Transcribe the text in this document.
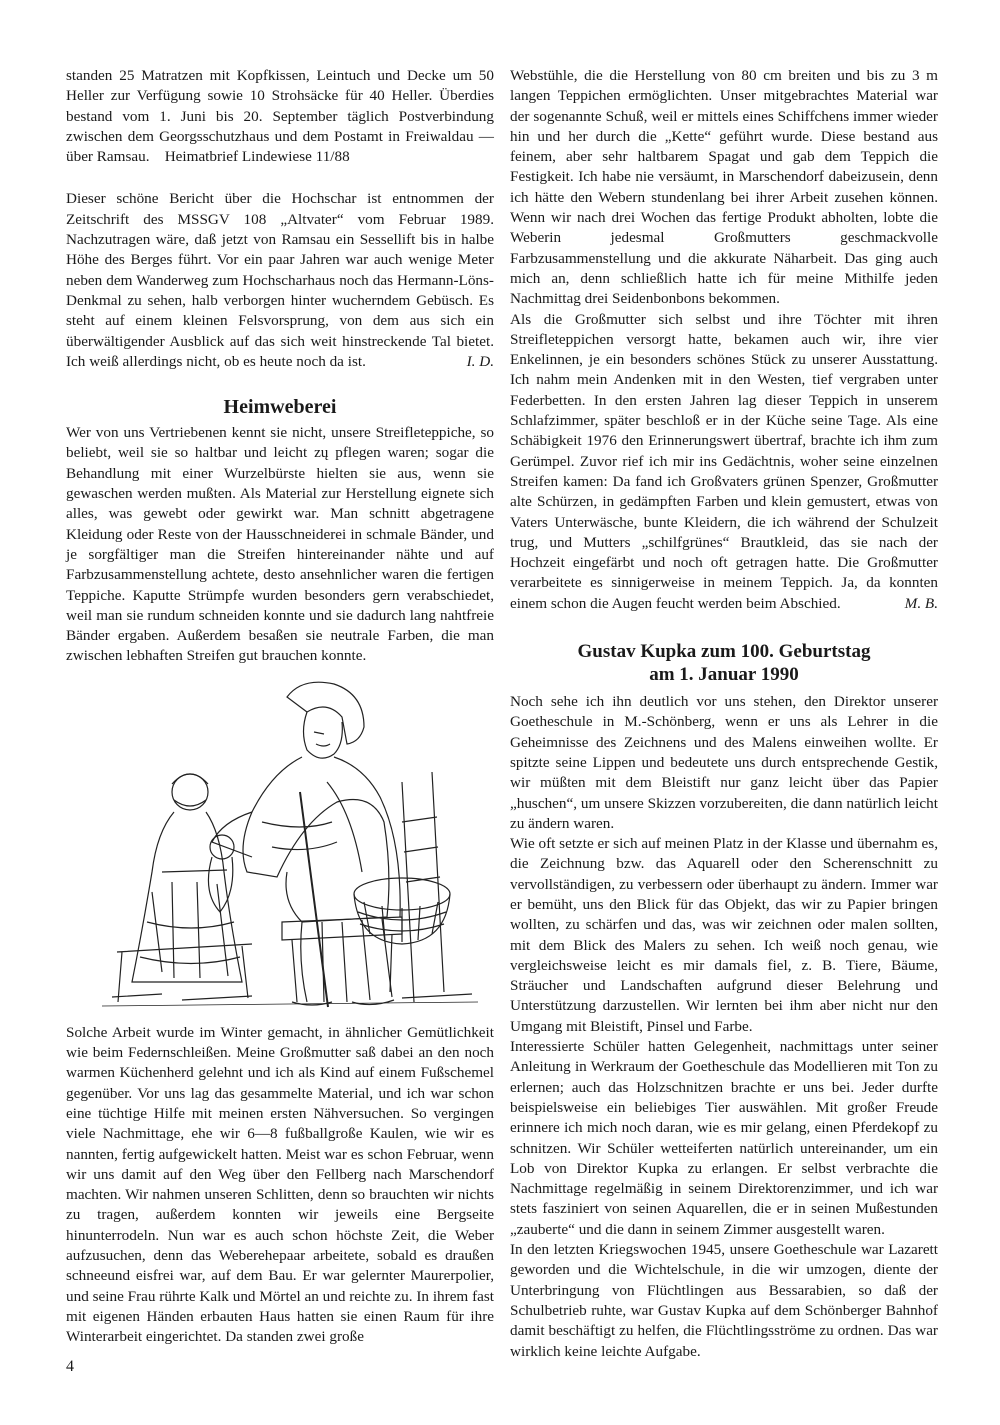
standen 25 Matratzen mit Kopfkissen, Leintuch und Decke um 50 Heller zur Verfügung sowie 10 Strohsäcke für 40 Heller. Überdies bestand vom 1. Juni bis 20. September täglich Postverbindung zwischen dem Georgsschutzhaus und dem Postamt in Freiwaldau — über Ramsau. Heimatbrief Lindewiese 11/88

Dieser schöne Bericht über die Hochschar ist entnommen der Zeitschrift des MSSGV 108 „Altvater“ vom Februar 1989. Nachzutragen wäre, daß jetzt von Ramsau ein Sessellift bis in halbe Höhe des Berges führt. Vor ein paar Jahren war auch wenige Meter neben dem Wanderweg zum Hochscharhaus noch das Hermann-Löns-Denkmal zu sehen, halb verborgen hinter wucherndem Gebüsch. Es steht auf einem kleinen Felsvorsprung, von dem aus sich ein überwältigender Ausblick auf das sich weit hinstreckende Tal bietet. Ich weiß allerdings nicht, ob es heute noch da ist.	I. D.

Heimweberei

Wer von uns Vertriebenen kennt sie nicht, unsere Streifleteppiche, so beliebt, weil sie so haltbar und leicht zų pflegen waren; sogar die Behandlung mit einer Wurzelbürste hielten sie aus, wenn sie gewaschen werden mußten. Als Material zur Herstellung eignete sich alles, was gewebt oder gewirkt war. Man schnitt abgetragene Kleidung oder Reste von der Hausschneiderei in schmale Bänder, und je sorgfältiger man die Streifen hintereinander nähte und auf Farbzusammenstellung achtete, desto ansehnlicher waren die fertigen Teppiche. Kaputte Strümpfe wurden besonders gern verabschiedet, weil man sie rundum schneiden konnte und sie dadurch lang nahtfreie Bänder ergaben. Außerdem besaßen sie neutrale Farben, die man zwischen lebhaften Streifen gut brauchen konnte.

Solche Arbeit wurde im Winter gemacht, in ähnlicher Gemütlichkeit wie beim Federnschleißen. Meine Großmutter saß dabei an den noch warmen Küchenherd gelehnt und ich als Kind auf einem Fußschemel gegenüber. Vor uns lag das gesammelte Material, und ich war schon eine tüchtige Hilfe mit meinen ersten Nähversuchen. So vergingen viele Nachmittage, ehe wir 6—8 fußballgroße Kaulen, wie wir es nannten, fertig aufgewickelt hatten. Meist war es schon Februar, wenn wir uns damit auf den Weg über den Fellberg nach Marschendorf machten. Wir nahmen unseren Schlitten, denn so brauchten wir nichts zu tragen, außerdem konnten wir jeweils eine Bergseite hinunterrodeln. Nun war es auch schon höchste Zeit, die Weber aufzusuchen, denn das Weberehepaar arbeitete, sobald es draußen schneeund eisfrei war, auf dem Bau. Er war gelernter Maurerpolier, und seine Frau rührte Kalk und Mörtel an und reichte zu. In ihrem fast mit eigenen Händen erbauten Haus hatten sie einen Raum für ihre Winterarbeit eingerichtet. Da standen zwei große

Webstühle, die die Herstellung von 80 cm breiten und bis zu 3 m langen Teppichen ermöglichten. Unser mitgebrachtes Material war der sogenannte Schuß, weil er mittels eines Schiffchens immer wieder hin und her durch die „Kette“ geführt wurde. Diese bestand aus feinem, aber sehr haltbarem Spagat und gab dem Teppich die Festigkeit. Ich habe nie versäumt, in Marschendorf dabeizusein, denn ich hätte den Webern stundenlang bei ihrer Arbeit zusehen können. Wenn wir nach drei Wochen das fertige Produkt abholten, lobte die Weberin jedesmal Großmutters geschmackvolle Farbzusammenstellung und die akkurate Näharbeit. Das ging auch mich an, denn schließlich hatte ich für meine Mithilfe jeden Nachmittag drei Seidenbonbons bekommen.

Als die Großmutter sich selbst und ihre Töchter mit ihren Streifleteppichen versorgt hatte, bekamen auch wir, ihre vier Enkelinnen, je ein besonders schönes Stück zu unserer Ausstattung. Ich nahm mein Andenken mit in den Westen, tief vergraben unter Federbetten. In den ersten Jahren lag dieser Teppich in unserem Schlafzimmer, später beschloß er in der Küche seine Tage. Als eine Schäbigkeit 1976 den Erinnerungswert übertraf, brachte ich ihm zum Gerümpel. Zuvor rief ich mir ins Gedächtnis, woher seine einzelnen Streifen kamen: Da fand ich Großvaters grünen Spenzer, Großmutter alte Schürzen, in gedämpften Farben und klein gemustert, etwas von Vaters Unterwäsche, bunte Kleidern, die ich während der Schulzeit trug, und Mutters „schilfgrünes“ Brautkleid, das sie nach der Hochzeit eingefärbt und noch oft getragen hatte. Die Großmutter verarbeitete es sinnigerweise in meinem Teppich. Ja, da konnten einem schon die Augen feucht werden beim Abschied.	M. B.

Gustav Kupka zum 100. Geburtstag
am 1. Januar 1990

Noch sehe ich ihn deutlich vor uns stehen, den Direktor unserer Goetheschule in M.-Schönberg, wenn er uns als Lehrer in die Geheimnisse des Zeichnens und des Malens einweihen wollte. Er spitzte seine Lippen und bedeutete uns durch entsprechende Gestik, wir müßten mit dem Bleistift nur ganz leicht über das Papier „huschen“, um unsere Skizzen vorzubereiten, die dann natürlich leicht zu ändern waren.

Wie oft setzte er sich auf meinen Platz in der Klasse und übernahm es, die Zeichnung bzw. das Aquarell oder den Scherenschnitt zu vervollständigen, zu verbessern oder überhaupt zu ändern. Immer war er bemüht, uns den Blick für das Objekt, das wir zu Papier bringen wollten, zu schärfen und das, was wir zeichnen oder malen sollten, mit dem Blick des Malers zu sehen. Ich weiß noch genau, wie vergleichsweise leicht es mir damals fiel, z. B. Tiere, Bäume, Sträucher und Landschaften aufgrund dieser Belehrung und Unterstützung darzustellen. Wir lernten bei ihm aber nicht nur den Umgang mit Bleistift, Pinsel und Farbe.

Interessierte Schüler hatten Gelegenheit, nachmittags unter seiner Anleitung in Werkraum der Goetheschule das Modellieren mit Ton zu erlernen; auch das Holzschnitzen brachte er uns bei. Jeder durfte beispielsweise ein beliebiges Tier auswählen. Mit großer Freude erinnere ich mich noch daran, wie es mir gelang, einen Pferdekopf zu schnitzen. Wir Schüler wetteiferten natürlich untereinander, um ein Lob von Direktor Kupka zu erlangen. Er selbst verbrachte die Nachmittage regelmäßig in seinem Direktorenzimmer, und ich war stets fasziniert von seinen Aquarellen, die er in seinen Mußestunden „zauberte“ und die dann in seinem Zimmer ausgestellt waren.

In den letzten Kriegswochen 1945, unsere Goetheschule war Lazarett geworden und die Wichtelschule, in die wir umzogen, diente der Unterbringung von Flüchtlingen aus Bessarabien, so daß der Schulbetrieb ruhte, war Gustav Kupka auf dem Schönberger Bahnhof damit beschäftigt zu helfen, die Flüchtlingsströme zu ordnen. Das war wirklich keine leichte Aufgabe.

4
